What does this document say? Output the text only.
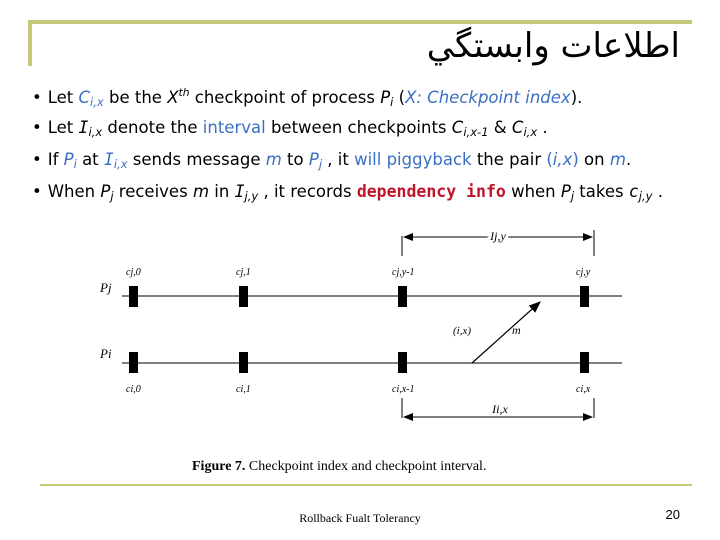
اطلاعات وابستگي
• Let $C_{i,x}$ be the Xth checkpoint of process $P_i$ (X: Checkpoint index).
• Let $I_{i,x}$ denote the interval between checkpoints $C_{i,x-1}$ & $C_{i,x}$ .
• If $P_i$ at $I_{i,x}$ sends message m to $P_j$ , it will piggyback the pair (i,x) on m.
• When $P_j$ receives m in $I_{j,y}$ , it records dependency info when $P_j$ takes $c_{j,y}$ .
Ij,y
Pj
Pi
cj,0	cj,1	cj,y-1	cj,y
ci,0	ci,1	ci,x-1	ci,x
m
(i,x)
Ii,x
Figure 7. Checkpoint index and checkpoint interval.
Rollback Fualt Tolerancy	20
